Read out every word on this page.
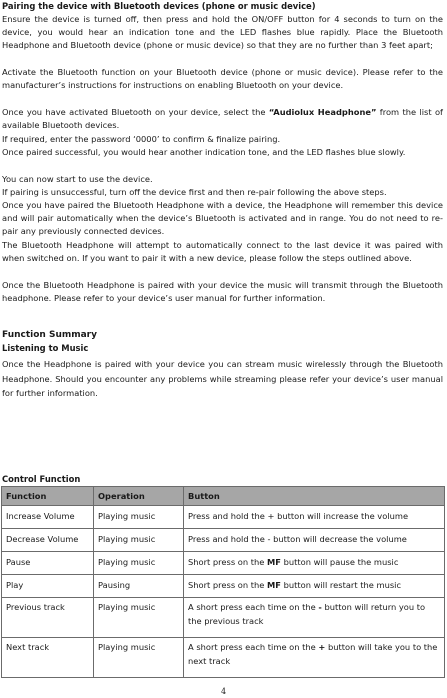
Pairing the device with Bluetooth devices (phone or music device)

Ensure the device is turned off, then press and hold the ON/OFF button for 4 seconds to turn on the device, you would hear an indication tone and the LED flashes blue rapidly. Place the Bluetooth Headphone and Bluetooth device (phone or music device) so that they are no further than 3 feet apart;

Activate the Bluetooth function on your Bluetooth device (phone or music device). Please refer to the manufacturer’s instructions for instructions on enabling Bluetooth on your device.

Once you have activated Bluetooth on your device, select the “Audiolux Headphone” from the list of available Bluetooth devices.

If required, enter the password ‘0000’ to confirm & finalize pairing.

Once paired successful, you would hear another indication tone, and the LED flashes blue slowly.

You can now start to use the device.

If pairing is unsuccessful, turn off the device first and then re-pair following the above steps.

Once you have paired the Bluetooth Headphone with a device, the Headphone will remember this device and will pair automatically when the device’s Bluetooth is activated and in range. You do not need to re-pair any previously connected devices.

The Bluetooth Headphone will attempt to automatically connect to the last device it was paired with when switched on. If you want to pair it with a new device, please follow the steps outlined above.

Once the Bluetooth Headphone is paired with your device the music will transmit through the Bluetooth headphone. Please refer to your device’s user manual for further information.

Function Summary

Listening to Music

Once the Headphone is paired with your device you can stream music wirelessly through the Bluetooth Headphone. Should you encounter any problems while streaming please refer your device’s user manual for further information.

Control Function

Function	Operation	Button
Increase Volume	Playing music	Press and hold the + button will increase the volume
Decrease Volume	Playing music	Press and hold the - button will decrease the volume
Pause	Playing music	Short press on the MF button will pause the music
Play	Pausing	Short press on the MF button will restart the music
Previous track	Playing music	A short press each time on the - button will return you to the previous track
Next track	Playing music	A short press each time on the + button will take you to the next track
4
